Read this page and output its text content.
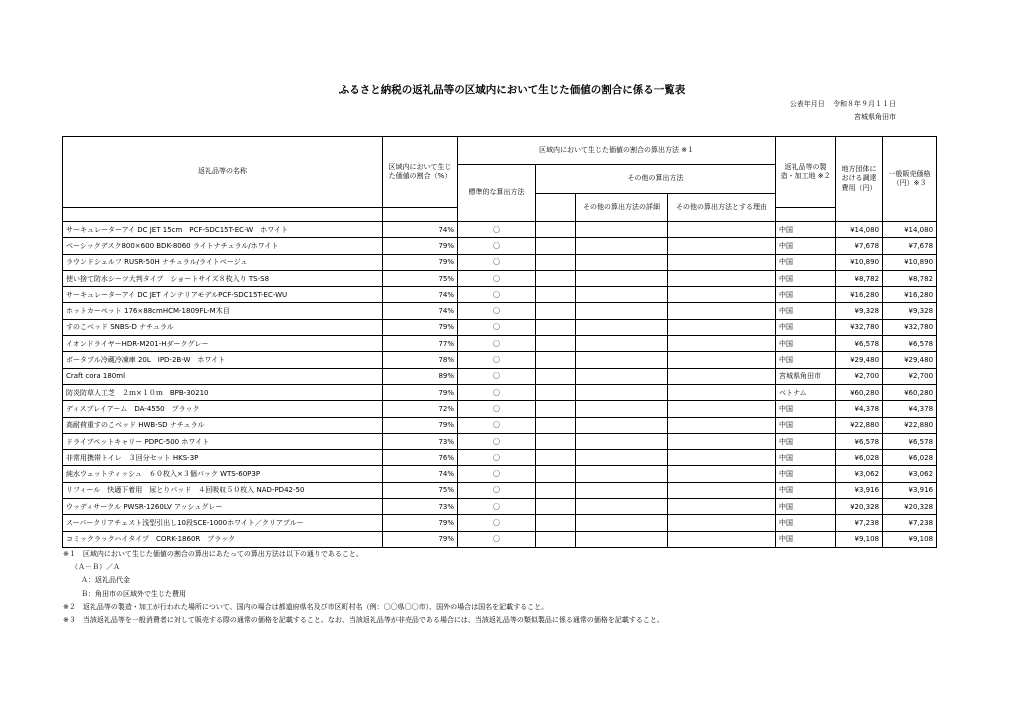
ふるさと納税の返礼品等の区域内において生じた価値の割合に係る一覧表
公表年月日 令和８年９月１１日
宮城県角田市
返礼品等の名称	区域内において生じた価値の割合（%）	区域内において生じた価値の割合の算出方法 ※１				返礼品等の製造・加工地 ※２	地方団体における調達費用（円）	一般販売価格（円）※３
		標準的な算出方法	その他の算出方法					
				その他の算出方法の詳細	その他の算出方法とする理由			

サーキュレーターアイ DC JET 15cm　PCF-SDC15T-EC-W　ホワイト	74%	〇				中国	¥14,080	¥14,080
ベーシックデスク800×600 BDK-8060 ライトナチュラル/ホワイト	79%	〇				中国	¥7,678	¥7,678
ラウンドシェルフ RUSR-50H ナチュラル/ライトベージュ	79%	〇				中国	¥10,890	¥10,890
使い捨て防水シーツ大判タイプ　ショートサイズ８枚入り TS-S8	75%	〇				中国	¥8,782	¥8,782
サーキュレーターアイ DC JET インテリアモデルPCF-SDC15T-EC-WU	74%	〇				中国	¥16,280	¥16,280
ホットカーペット 176×88cmHCM-1809FL-M木目	74%	〇				中国	¥9,328	¥9,328
すのこベッド SNBS-D ナチュラル	79%	〇				中国	¥32,780	¥32,780
イオンドライヤーHDR-M201-Hダークグレー	77%	〇				中国	¥6,578	¥6,578
ポータブル冷蔵冷凍庫 20L　IPD-2B-W　ホワイト	78%	〇				中国	¥29,480	¥29,480
Craft cora 180ml	89%	〇				宮城県角田市	¥2,700	¥2,700
防炎防草人工芝　２ｍ×１０ｍ　BPB-30210	79%	〇				ベトナム	¥60,280	¥60,280
ディスプレイアーム　DA-4550　ブラック	72%	〇				中国	¥4,378	¥4,378
高耐荷重すのこベッド HWB-SD ナチュラル	79%	〇				中国	¥22,880	¥22,880
ドライブペットキャリー PDPC-500 ホワイト	73%	〇				中国	¥6,578	¥6,578
非常用携帯トイレ　３回分セット HKS-3P	76%	〇				中国	¥6,028	¥6,028
純水ウェットティッシュ　６０枚入×３個パック WTS-60P3P	74%	〇				中国	¥3,062	¥3,062
リフィール　快適下着用　尿とりパッド　４回吸収５０枚入 NAD-PD42-50	75%	〇				中国	¥3,916	¥3,916
ウッディサークル PWSR-1260LV アッシュグレー	73%	〇				中国	¥20,328	¥20,328
スーパークリアチェスト浅型引出し10段SCE-1000ホワイト／クリアブルー	79%	〇				中国	¥7,238	¥7,238
コミックラックハイタイプ　CORK-1860R　ブラック	79%	〇				中国	¥9,108	¥9,108
※１　区域内において生じた価値の割合の算出にあたっての算出方法は以下の通りであること。
（Ａ－Ｂ）／Ａ
Ａ：返礼品代金
Ｂ：角田市の区域外で生じた費用
※２　返礼品等の製造・加工が行われた場所について、国内の場合は都道府県名及び市区町村名（例：〇〇県〇〇市）、国外の場合は国名を記載すること。
※３　当該返礼品等を一般消費者に対して販売する際の通常の価格を記載すること。なお、当該返礼品等が非売品である場合には、当該返礼品等の類似製品に係る通常の価格を記載すること。
